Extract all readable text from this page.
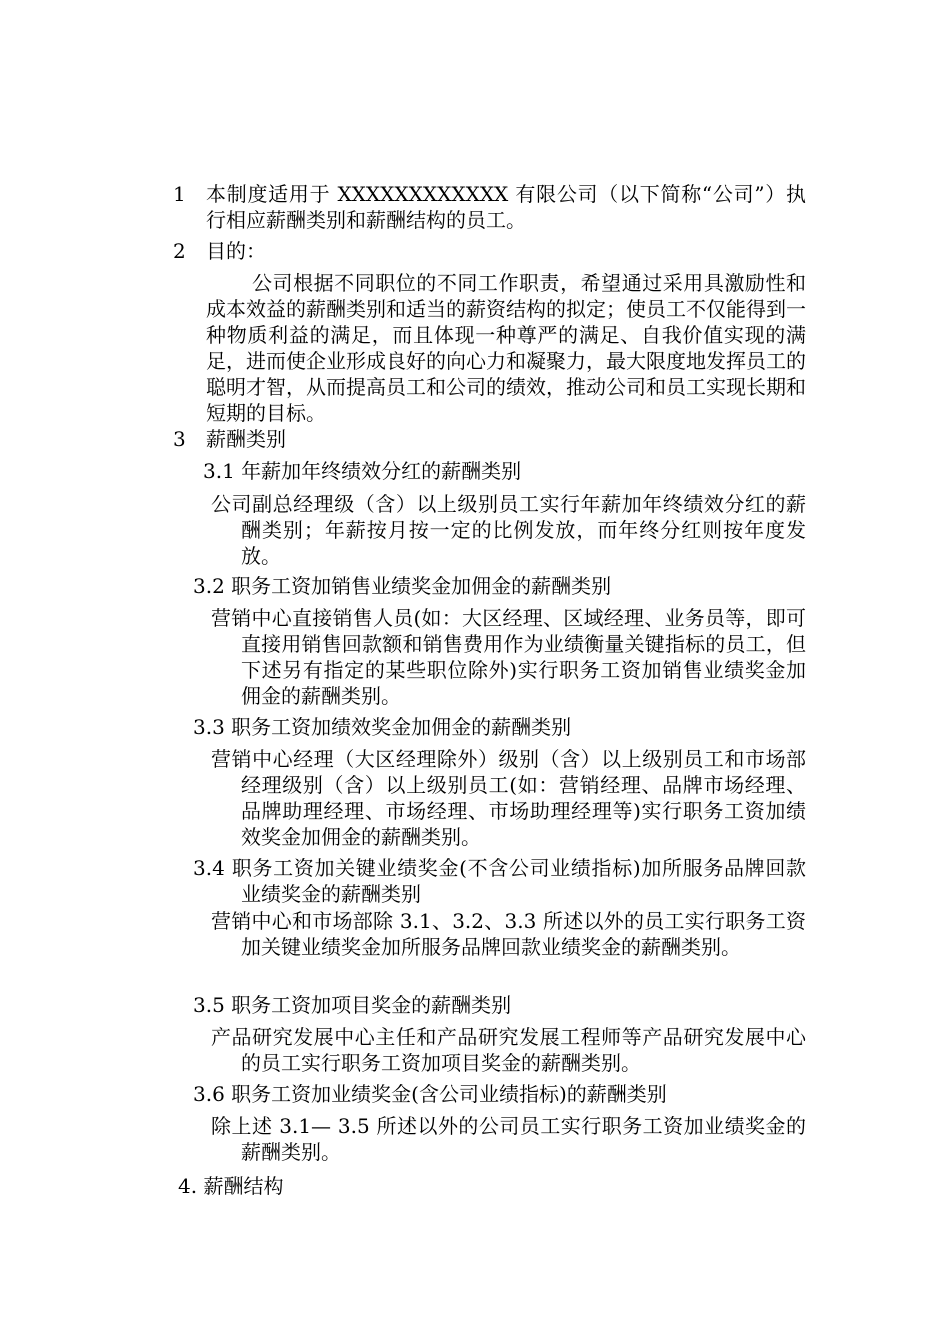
1 本制度适用于 XXXXXXXXXXXX 有限公司（以下简称“公司”）执行相应薪酬类别和薪酬结构的员工。
2 目的：
公司根据不同职位的不同工作职责，希望通过采用具激励性和成本效益的薪酬类别和适当的薪资结构的拟定；使员工不仅能得到一种物质利益的满足，而且体现一种尊严的满足、自我价值实现的满足，进而使企业形成良好的向心力和凝聚力，最大限度地发挥员工的聪明才智，从而提高员工和公司的绩效，推动公司和员工实现长期和短期的目标。
3 薪酬类别
3.1 年薪加年终绩效分红的薪酬类别
公司副总经理级（含）以上级别员工实行年薪加年终绩效分红的薪酬类别；年薪按月按一定的比例发放，而年终分红则按年度发放。
3.2 职务工资加销售业绩奖金加佣金的薪酬类别
营销中心直接销售人员(如：大区经理、区域经理、业务员等，即可直接用销售回款额和销售费用作为业绩衡量关键指标的员工，但下述另有指定的某些职位除外)实行职务工资加销售业绩奖金加佣金的薪酬类别。
3.3 职务工资加绩效奖金加佣金的薪酬类别
营销中心经理（大区经理除外）级别（含）以上级别员工和市场部经理级别（含）以上级别员工(如：营销经理、品牌市场经理、品牌助理经理、市场经理、市场助理经理等)实行职务工资加绩效奖金加佣金的薪酬类别。
3.4 职务工资加关键业绩奖金(不含公司业绩指标)加所服务品牌回款业绩奖金的薪酬类别
营销中心和市场部除 3.1、3.2、3.3 所述以外的员工实行职务工资加关键业绩奖金加所服务品牌回款业绩奖金的薪酬类别。
3.5 职务工资加项目奖金的薪酬类别
产品研究发展中心主任和产品研究发展工程师等产品研究发展中心的员工实行职务工资加项目奖金的薪酬类别。
3.6 职务工资加业绩奖金(含公司业绩指标)的薪酬类别
除上述 3.1— 3.5 所述以外的公司员工实行职务工资加业绩奖金的薪酬类别。
4. 薪酬结构
